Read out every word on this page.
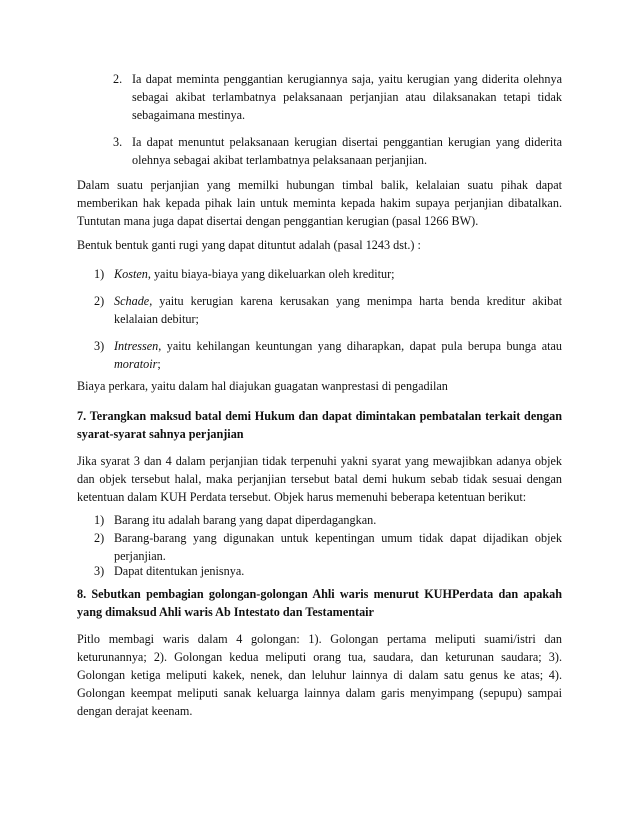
2. Ia dapat meminta penggantian kerugiannya saja, yaitu kerugian yang diderita olehnya sebagai akibat terlambatnya pelaksanaan perjanjian atau dilaksanakan tetapi tidak sebagaimana mestinya.
3. Ia dapat menuntut pelaksanaan kerugian disertai penggantian kerugian yang diderita olehnya sebagai akibat terlambatnya pelaksanaan perjanjian.

Dalam suatu perjanjian yang memilki hubungan timbal balik, kelalaian suatu pihak dapat memberikan hak kepada pihak lain untuk meminta kepada hakim supaya perjanjian dibatalkan. Tuntutan mana juga dapat disertai dengan penggantian kerugian (pasal 1266 BW).

Bentuk bentuk ganti rugi yang dapat dituntut adalah (pasal 1243 dst.) :

1) Kosten, yaitu biaya-biaya yang dikeluarkan oleh kreditur;
2) Schade, yaitu kerugian karena kerusakan yang menimpa harta benda kreditur akibat kelalaian debitur;
3) Intressen, yaitu kehilangan keuntungan yang diharapkan, dapat pula berupa bunga atau moratoir;

Biaya perkara, yaitu dalam hal diajukan guagatan wanprestasi di pengadilan

7. Terangkan maksud batal demi Hukum dan dapat dimintakan pembatalan terkait dengan syarat-syarat sahnya perjanjian

Jika syarat 3 dan 4 dalam perjanjian tidak terpenuhi yakni syarat yang mewajibkan adanya objek dan objek tersebut halal, maka perjanjian tersebut batal demi hukum sebab tidak sesuai dengan ketentuan dalam KUH Perdata tersebut. Objek harus memenuhi beberapa ketentuan berikut:

1) Barang itu adalah barang yang dapat diperdagangkan.
2) Barang-barang yang digunakan untuk kepentingan umum tidak dapat dijadikan objek perjanjian.
3) Dapat ditentukan jenisnya.

8. Sebutkan pembagian golongan-golongan Ahli waris menurut KUHPerdata dan apakah yang dimaksud Ahli waris Ab Intestato dan Testamentair

Pitlo membagi waris dalam 4 golongan: 1). Golongan pertama meliputi suami/istri dan keturunannya; 2). Golongan kedua meliputi orang tua, saudara, dan keturunan saudara; 3). Golongan ketiga meliputi kakek, nenek, dan leluhur lainnya di dalam satu genus ke atas; 4). Golongan keempat meliputi sanak keluarga lainnya dalam garis menyimpang (sepupu) sampai dengan derajat keenam.
